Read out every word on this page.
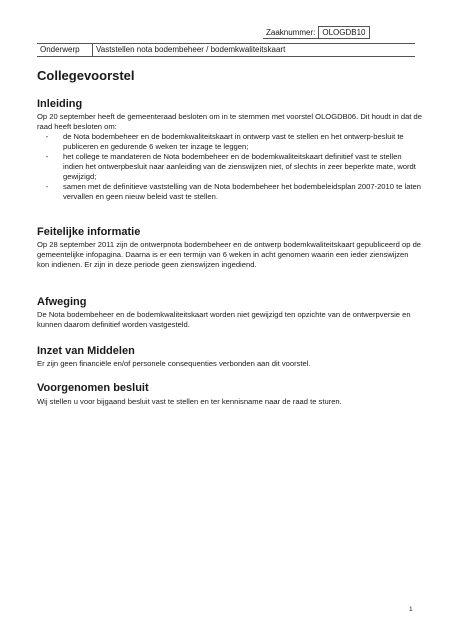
Zaaknummer:	OLOGDB10
Onderwerp	Vaststellen nota bodembeheer / bodemkwaliteitskaart
Collegevoorstel
Inleiding
Op 20 september heeft de gemeenteraad besloten om in te stemmen met voorstel OLOGDB06. Dit houdt in dat de raad heeft besloten om:
-	de Nota bodembeheer en de bodemkwaliteitskaart in ontwerp vast te stellen en het ontwerp-besluit te publiceren en gedurende 6 weken ter inzage te leggen;
-	het college te mandateren de Nota bodembeheer en de bodemkwaliteitskaart definitief vast te stellen indien het ontwerpbesluit naar aanleiding van de zienswijzen niet, of slechts in zeer beperkte mate, wordt gewijzigd;
-	samen met de definitieve vaststelling van de Nota bodembeheer het bodembeleidsplan 2007-2010 te laten vervallen en geen nieuw beleid vast te stellen.
Feitelijke informatie
Op 28 september 2011 zijn de ontwerpnota bodembeheer en de ontwerp bodemkwaliteitskaart gepubliceerd op de gemeentelijke infopagina. Daarna is er een termijn van 6 weken in acht genomen waarin een ieder zienswijzen kon indienen. Er zijn in deze periode geen zienswijzen ingediend.
Afweging
De Nota bodembeheer en de bodemkwaliteitskaart worden niet gewijzigd ten opzichte van de ontwerpversie en kunnen daarom definitief worden vastgesteld.
Inzet van Middelen
Er zijn geen financiële en/of personele consequenties verbonden aan dit voorstel.
Voorgenomen besluit
Wij stellen u voor bijgaand besluit vast te stellen en ter kennisname naar de raad te sturen.
1
